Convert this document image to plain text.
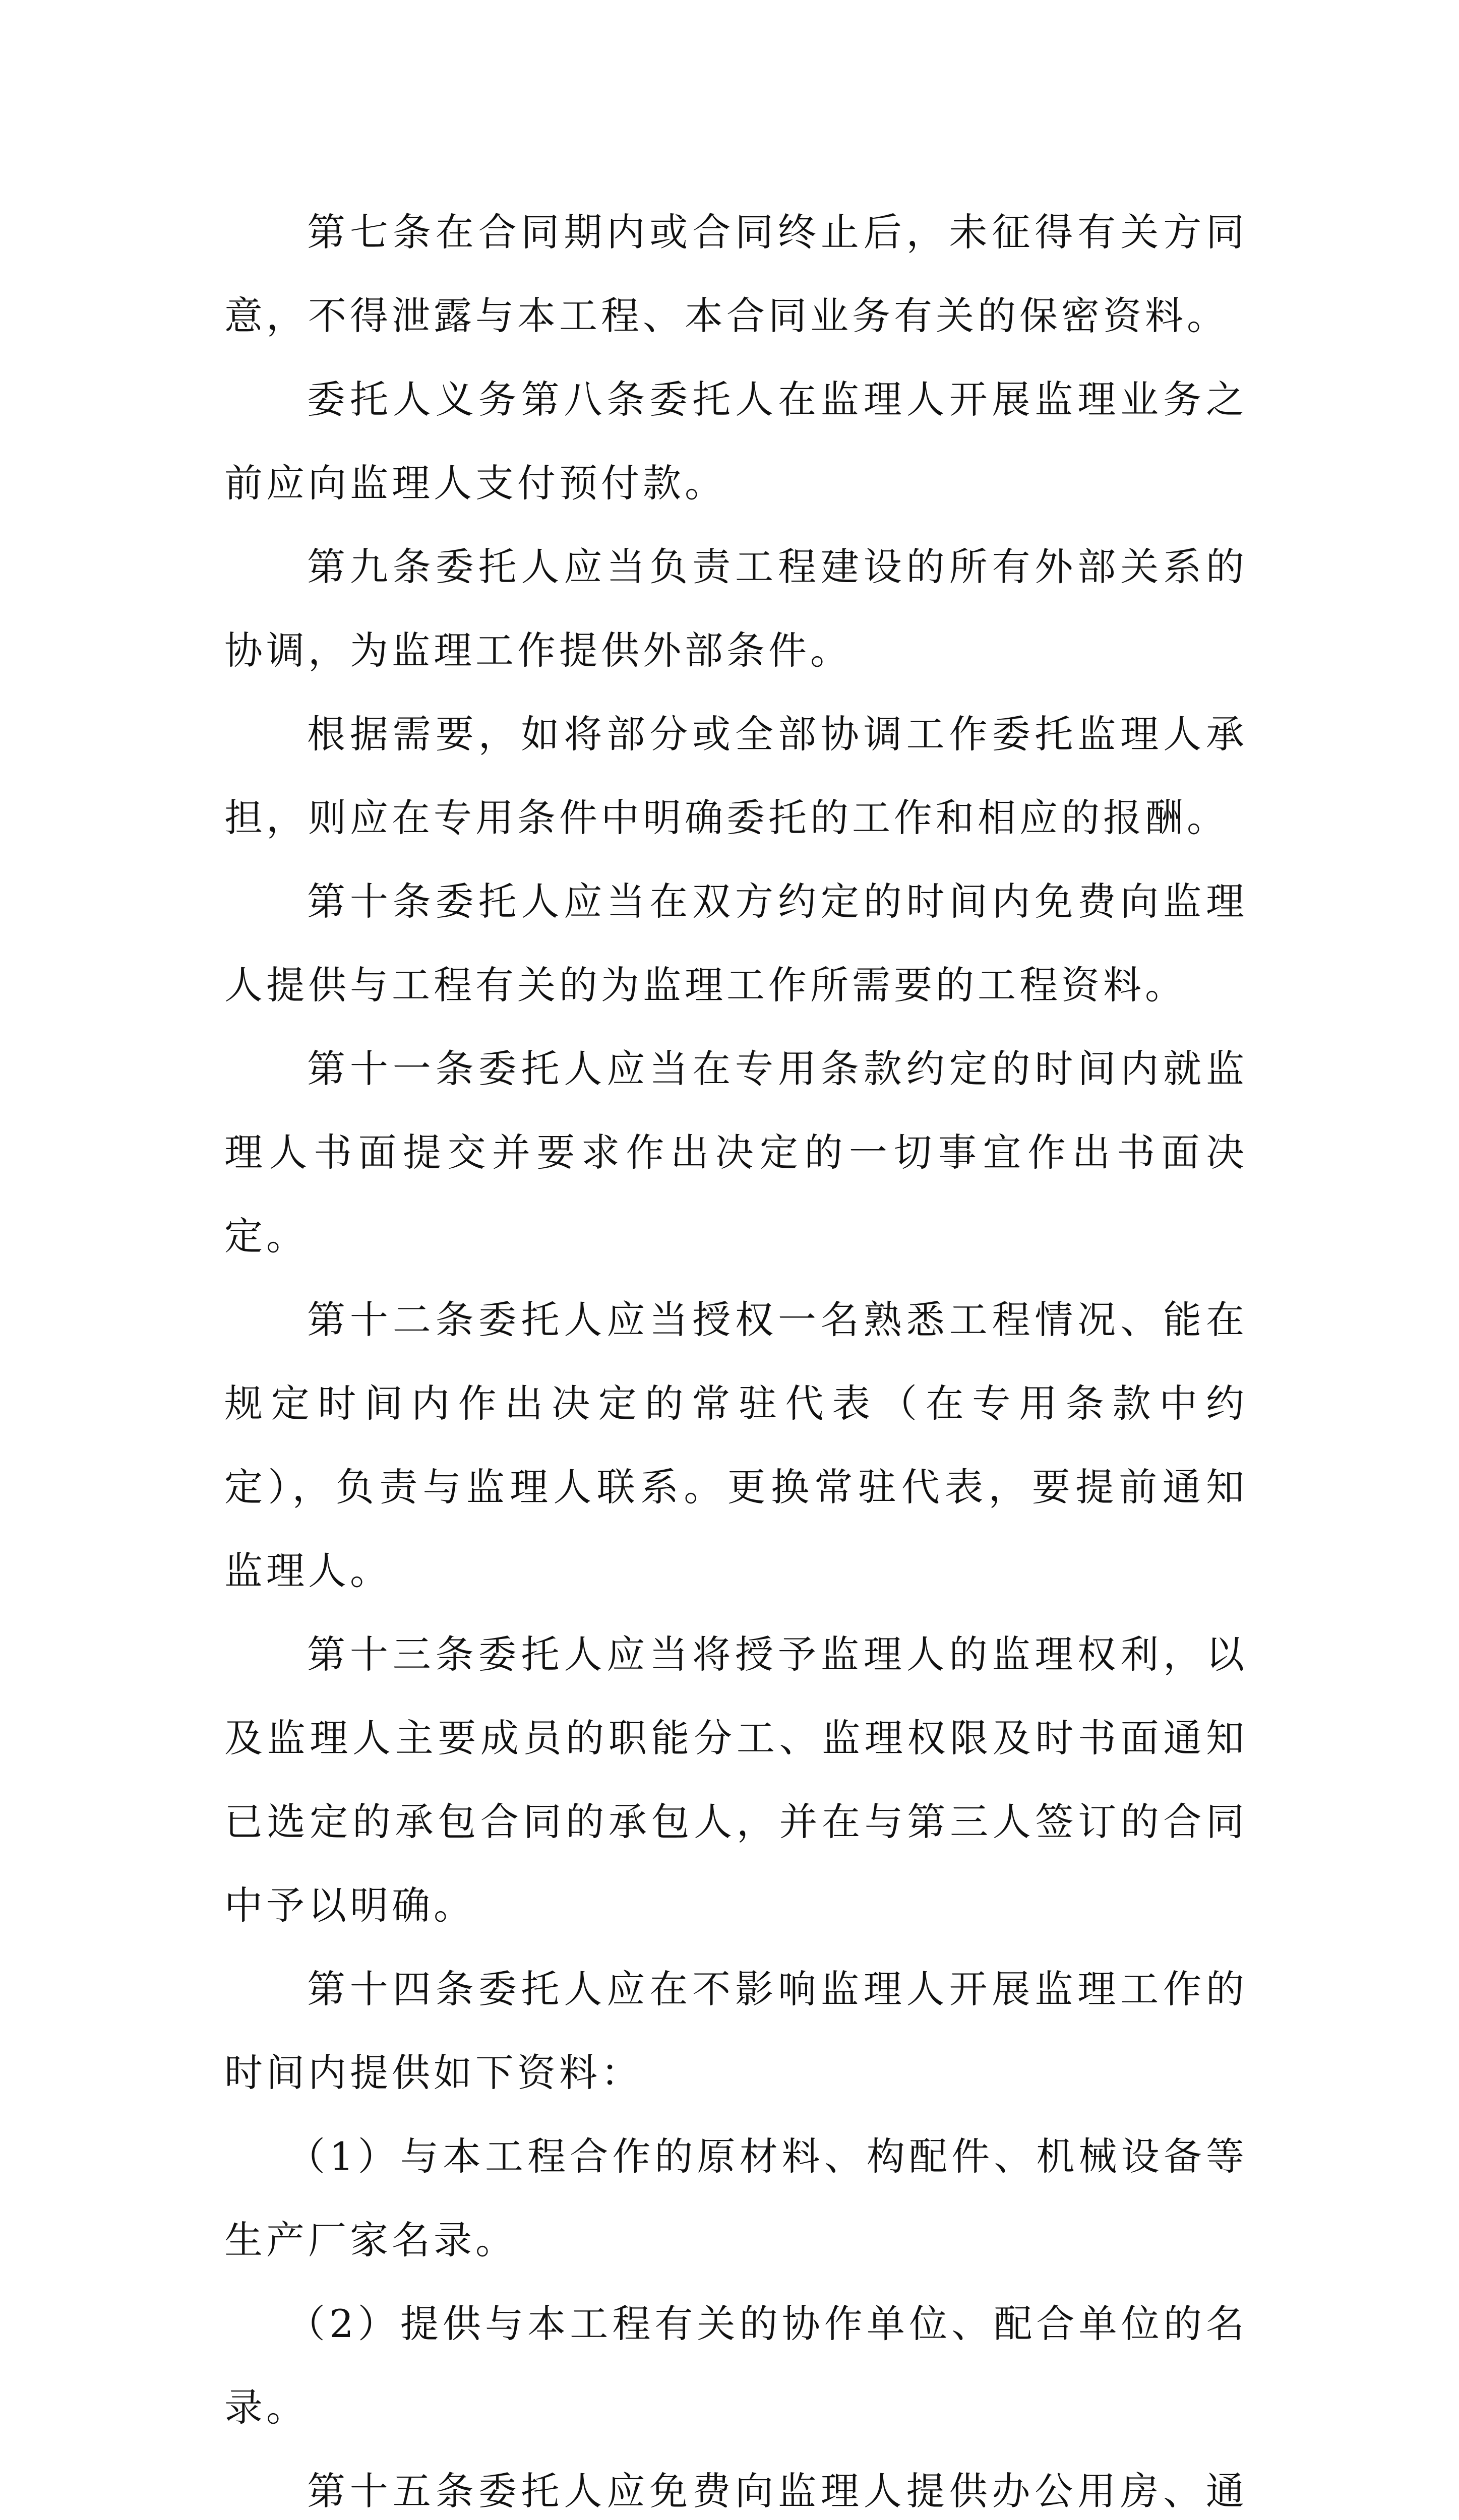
第七条在合同期内或合同终止后，未征得有关方同意，不得泄露与本工程、本合同业务有关的保密资料。

委托人义务第八条委托人在监理人开展监理业务之前应向监理人支付预付款。

第九条委托人应当负责工程建设的所有外部关系的协调，为监理工作提供外部条件。

根据需要，如将部分或全部协调工作委托监理人承担，则应在专用条件中明确委托的工作和相应的报酬。

第十条委托人应当在双方约定的时间内免费向监理人提供与工程有关的为监理工作所需要的工程资料。

第十一条委托人应当在专用条款约定的时间内就监理人书面提交并要求作出决定的一切事宜作出书面决定。

第十二条委托人应当授权一名熟悉工程情况、能在规定时间内作出决定的常驻代表（在专用条款中约定），负责与监理人联系。更换常驻代表，要提前通知监理人。

第十三条委托人应当将授予监理人的监理权利，以及监理人主要成员的职能分工、监理权限及时书面通知已选定的承包合同的承包人，并在与第三人签订的合同中予以明确。

第十四条委托人应在不影响监理人开展监理工作的时间内提供如下资料：

（1）与本工程合作的原材料、构配件、机械设备等生产厂家名录。

（2）提供与本工程有关的协作单位、配合单位的名录。

第十五条委托人应免费向监理人提供办公用房、通
